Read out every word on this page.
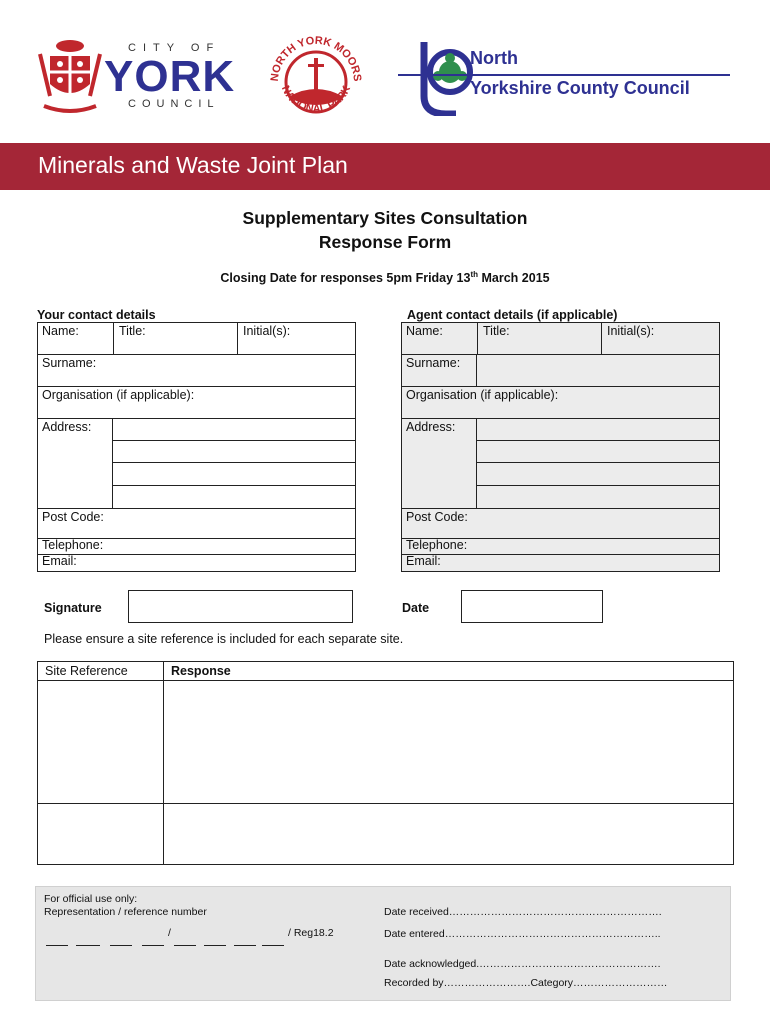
CITY OF
YORK
COUNCIL
NORTH YORK MOORS
NATIONAL PARK
North
Yorkshire County Council
Minerals and Waste Joint Plan
Supplementary Sites Consultation
Response Form
Closing Date for responses 5pm Friday 13th March 2015
Your contact details
Name:	Title:	Initial(s):
Surname:
Organisation (if applicable):
Address:
Post Code:
Telephone:
Email:
Agent contact details (if applicable)
Name:	Title:	Initial(s):
Surname:
Organisation (if applicable):
Address:
Post Code:
Telephone:
Email:
Signature	Date
Please ensure a site reference is included for each separate site.
Site Reference	Response
For official use only:
Representation / reference number
/	/ Reg18.2
Date received…………………………………………………….
Date entered……………………………………………………..
Date acknowledged.…………………………………………….
Recorded by…………………….Category………………………
